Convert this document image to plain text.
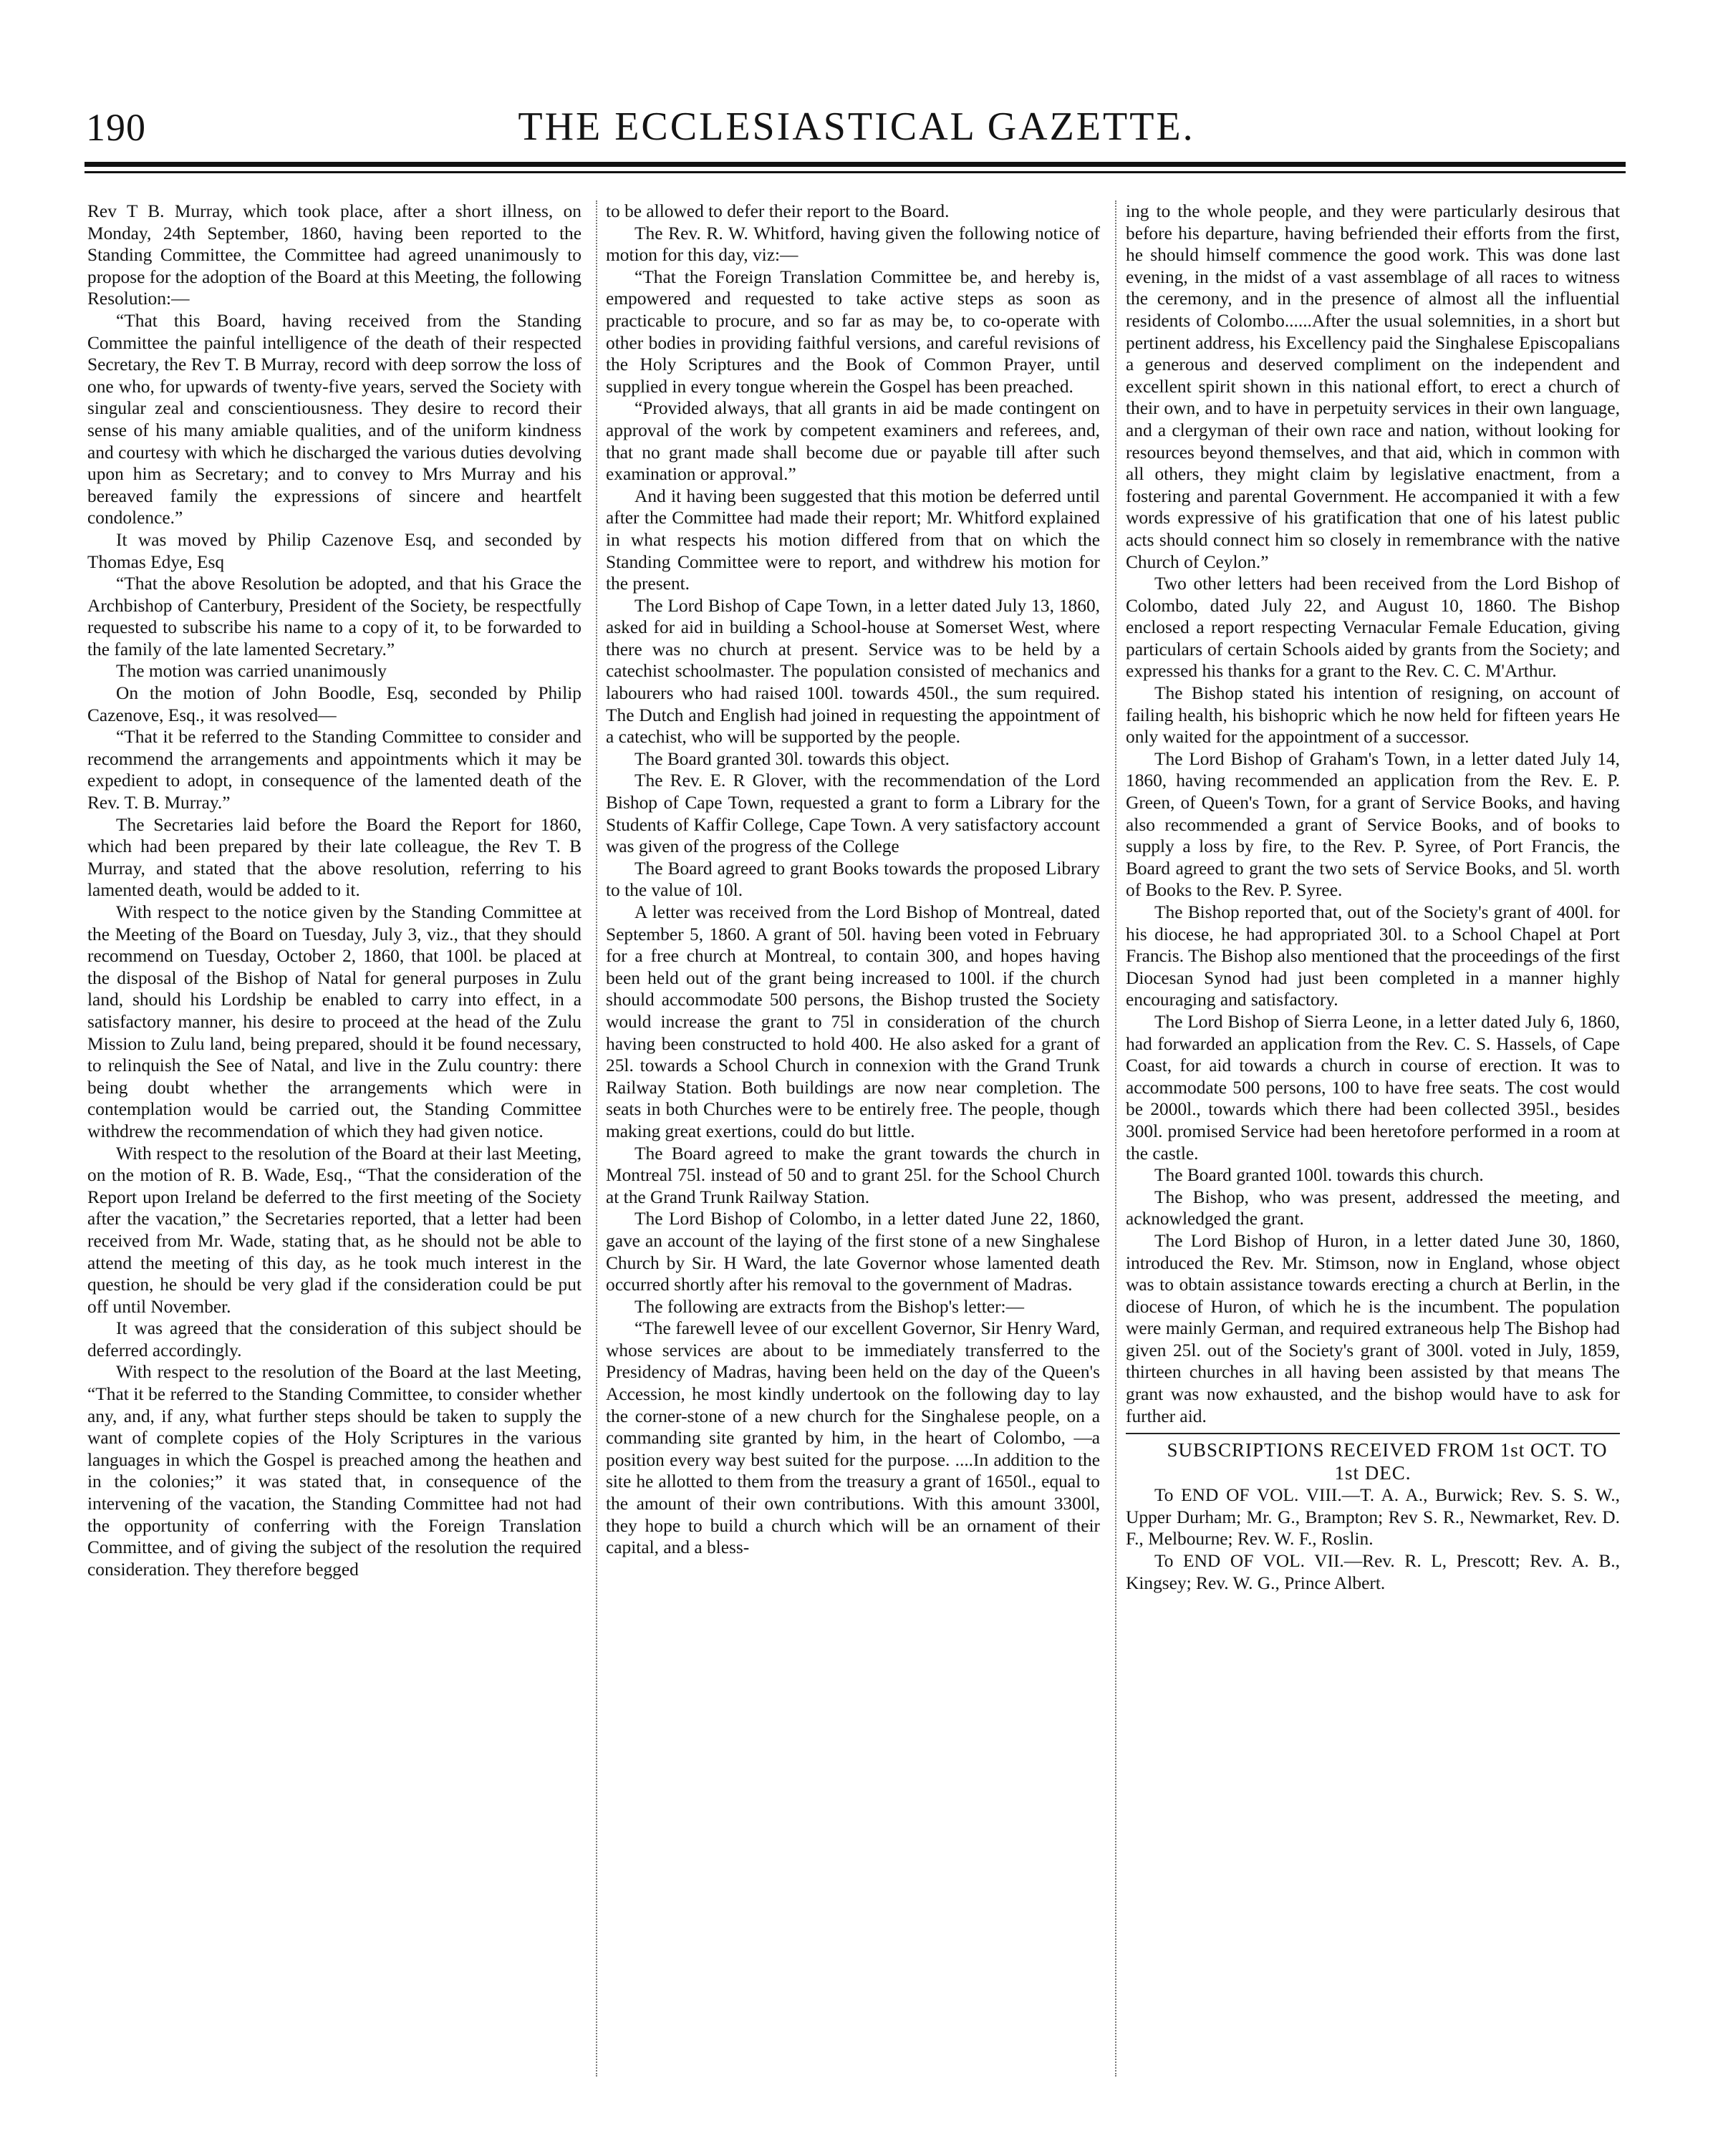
190	THE ECCLESIASTICAL GAZETTE.

Rev T B. Murray, which took place, after a short illness, on Monday, 24th September, 1860, having been reported to the Standing Committee, the Committee had agreed unanimously to propose for the adoption of the Board at this Meeting, the following Resolution:—

“That this Board, having received from the Standing Committee the painful intelligence of the death of their respected Secretary, the Rev T. B Murray, record with deep sorrow the loss of one who, for upwards of twenty-five years, served the Society with singular zeal and conscientiousness. They desire to record their sense of his many amiable qualities, and of the uniform kindness and courtesy with which he discharged the various duties devolving upon him as Secretary; and to convey to Mrs Murray and his bereaved family the expressions of sincere and heartfelt condolence.”

It was moved by Philip Cazenove Esq, and seconded by Thomas Edye, Esq

“That the above Resolution be adopted, and that his Grace the Archbishop of Canterbury, President of the Society, be respectfully requested to subscribe his name to a copy of it, to be forwarded to the family of the late lamented Secretary.”

The motion was carried unanimously

On the motion of John Boodle, Esq, seconded by Philip Cazenove, Esq., it was resolved—

“That it be referred to the Standing Committee to consider and recommend the arrangements and appointments which it may be expedient to adopt, in consequence of the lamented death of the Rev. T. B. Murray.”

The Secretaries laid before the Board the Report for 1860, which had been prepared by their late colleague, the Rev T. B Murray, and stated that the above resolution, referring to his lamented death, would be added to it.

With respect to the notice given by the Standing Committee at the Meeting of the Board on Tuesday, July 3, viz., that they should recommend on Tuesday, October 2, 1860, that 100l. be placed at the disposal of the Bishop of Natal for general purposes in Zulu land, should his Lordship be enabled to carry into effect, in a satisfactory manner, his desire to proceed at the head of the Zulu Mission to Zulu land, being prepared, should it be found necessary, to relinquish the See of Natal, and live in the Zulu country: there being doubt whether the arrangements which were in contemplation would be carried out, the Standing Committee withdrew the recommendation of which they had given notice.

With respect to the resolution of the Board at their last Meeting, on the motion of R. B. Wade, Esq., “That the consideration of the Report upon Ireland be deferred to the first meeting of the Society after the vacation,” the Secretaries reported, that a letter had been received from Mr. Wade, stating that, as he should not be able to attend the meeting of this day, as he took much interest in the question, he should be very glad if the consideration could be put off until November.

It was agreed that the consideration of this subject should be deferred accordingly.

With respect to the resolution of the Board at the last Meeting, “That it be referred to the Standing Committee, to consider whether any, and, if any, what further steps should be taken to supply the want of complete copies of the Holy Scriptures in the various languages in which the Gospel is preached among the heathen and in the colonies;” it was stated that, in consequence of the intervening of the vacation, the Standing Committee had not had the opportunity of conferring with the Foreign Translation Committee, and of giving the subject of the resolution the required consideration. They therefore begged

to be allowed to defer their report to the Board.

The Rev. R. W. Whitford, having given the following notice of motion for this day, viz:—

“That the Foreign Translation Committee be, and hereby is, empowered and requested to take active steps as soon as practicable to procure, and so far as may be, to co-operate with other bodies in providing faithful versions, and careful revisions of the Holy Scriptures and the Book of Common Prayer, until supplied in every tongue wherein the Gospel has been preached.

“Provided always, that all grants in aid be made contingent on approval of the work by competent examiners and referees, and, that no grant made shall become due or payable till after such examination or approval.”

And it having been suggested that this motion be deferred until after the Committee had made their report; Mr. Whitford explained in what respects his motion differed from that on which the Standing Committee were to report, and withdrew his motion for the present.

The Lord Bishop of Cape Town, in a letter dated July 13, 1860, asked for aid in building a School-house at Somerset West, where there was no church at present. Service was to be held by a catechist schoolmaster. The population consisted of mechanics and labourers who had raised 100l. towards 450l., the sum required. The Dutch and English had joined in requesting the appointment of a catechist, who will be supported by the people.

The Board granted 30l. towards this object.

The Rev. E. R Glover, with the recommendation of the Lord Bishop of Cape Town, requested a grant to form a Library for the Students of Kaffir College, Cape Town. A very satisfactory account was given of the progress of the College

The Board agreed to grant Books towards the proposed Library to the value of 10l.

A letter was received from the Lord Bishop of Montreal, dated September 5, 1860. A grant of 50l. having been voted in February for a free church at Montreal, to contain 300, and hopes having been held out of the grant being increased to 100l. if the church should accommodate 500 persons, the Bishop trusted the Society would increase the grant to 75l in consideration of the church having been constructed to hold 400. He also asked for a grant of 25l. towards a School Church in connexion with the Grand Trunk Railway Station. Both buildings are now near completion. The seats in both Churches were to be entirely free. The people, though making great exertions, could do but little.

The Board agreed to make the grant towards the church in Montreal 75l. instead of 50 and to grant 25l. for the School Church at the Grand Trunk Railway Station.

The Lord Bishop of Colombo, in a letter dated June 22, 1860, gave an account of the laying of the first stone of a new Singhalese Church by Sir. H Ward, the late Governor whose lamented death occurred shortly after his removal to the government of Madras.

The following are extracts from the Bishop's letter:—

“The farewell levee of our excellent Governor, Sir Henry Ward, whose services are about to be immediately transferred to the Presidency of Madras, having been held on the day of the Queen's Accession, he most kindly undertook on the following day to lay the corner-stone of a new church for the Singhalese people, on a commanding site granted by him, in the heart of Colombo, —a position every way best suited for the purpose. ....In addition to the site he allotted to them from the treasury a grant of 1650l., equal to the amount of their own contributions. With this amount 3300l, they hope to build a church which will be an ornament of their capital, and a bless-

ing to the whole people, and they were particularly desirous that before his departure, having befriended their efforts from the first, he should himself commence the good work. This was done last evening, in the midst of a vast assemblage of all races to witness the ceremony, and in the presence of almost all the influential residents of Colombo......After the usual solemnities, in a short but pertinent address, his Excellency paid the Singhalese Episcopalians a generous and deserved compliment on the independent and excellent spirit shown in this national effort, to erect a church of their own, and to have in perpetuity services in their own language, and a clergyman of their own race and nation, without looking for resources beyond themselves, and that aid, which in common with all others, they might claim by legislative enactment, from a fostering and parental Government. He accompanied it with a few words expressive of his gratification that one of his latest public acts should connect him so closely in remembrance with the native Church of Ceylon.”

Two other letters had been received from the Lord Bishop of Colombo, dated July 22, and August 10, 1860. The Bishop enclosed a report respecting Vernacular Female Education, giving particulars of certain Schools aided by grants from the Society; and expressed his thanks for a grant to the Rev. C. C. M'Arthur.

The Bishop stated his intention of resigning, on account of failing health, his bishopric which he now held for fifteen years He only waited for the appointment of a successor.

The Lord Bishop of Graham's Town, in a letter dated July 14, 1860, having recommended an application from the Rev. E. P. Green, of Queen's Town, for a grant of Service Books, and having also recommended a grant of Service Books, and of books to supply a loss by fire, to the Rev. P. Syree, of Port Francis, the Board agreed to grant the two sets of Service Books, and 5l. worth of Books to the Rev. P. Syree.

The Bishop reported that, out of the Society's grant of 400l. for his diocese, he had appropriated 30l. to a School Chapel at Port Francis. The Bishop also mentioned that the proceedings of the first Diocesan Synod had just been completed in a manner highly encouraging and satisfactory.

The Lord Bishop of Sierra Leone, in a letter dated July 6, 1860, had forwarded an application from the Rev. C. S. Hassels, of Cape Coast, for aid towards a church in course of erection. It was to accommodate 500 persons, 100 to have free seats. The cost would be 2000l., towards which there had been collected 395l., besides 300l. promised Service had been heretofore performed in a room at the castle.

The Board granted 100l. towards this church.

The Bishop, who was present, addressed the meeting, and acknowledged the grant.

The Lord Bishop of Huron, in a letter dated June 30, 1860, introduced the Rev. Mr. Stimson, now in England, whose object was to obtain assistance towards erecting a church at Berlin, in the diocese of Huron, of which he is the incumbent. The population were mainly German, and required extraneous help The Bishop had given 25l. out of the Society's grant of 300l. voted in July, 1859, thirteen churches in all having been assisted by that means The grant was now exhausted, and the bishop would have to ask for further aid.

SUBSCRIPTIONS RECEIVED FROM 1st OCT. TO 1st DEC.

To END OF VOL. VIII.—T. A. A., Burwick; Rev. S. S. W., Upper Durham; Mr. G., Brampton; Rev S. R., Newmarket, Rev. D. F., Melbourne; Rev. W. F., Roslin.

To END OF VOL. VII.—Rev. R. L, Prescott; Rev. A. B., Kingsey; Rev. W. G., Prince Albert.
